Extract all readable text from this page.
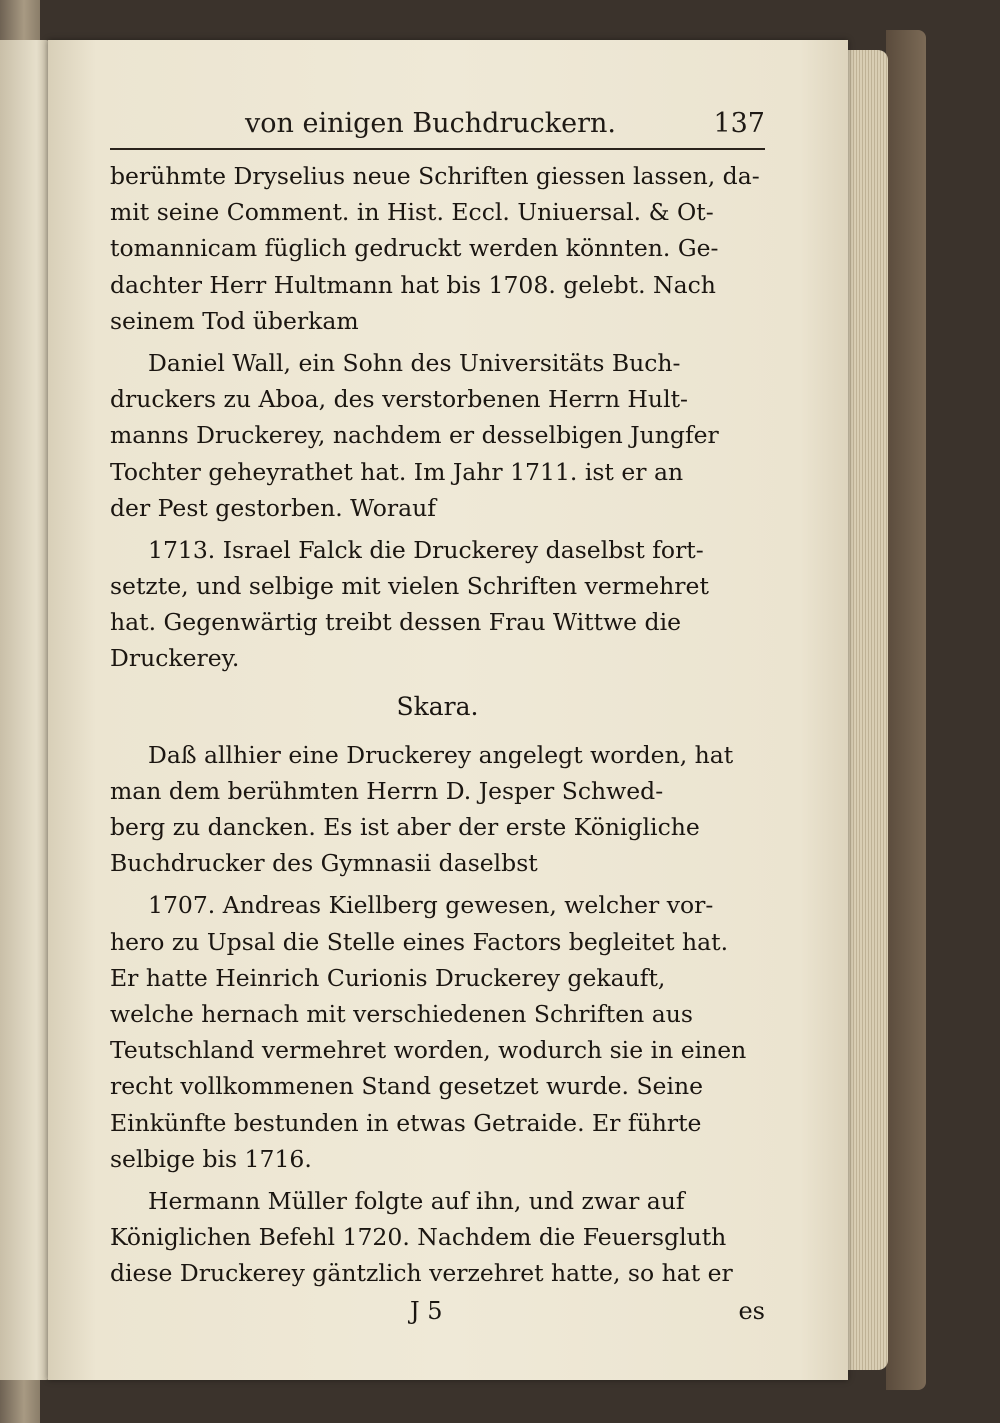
von einigen Buchdruckern.	137
berühmte Dryselius neue Schriften giessen lassen, da-
mit seine Comment. in Hist. Eccl. Uniuersal. & Ot-
tomannicam füglich gedruckt werden könnten. Ge-
dachter Herr Hultmann hat bis 1708. gelebt. Nach
seinem Tod überkam
Daniel Wall, ein Sohn des Universitäts Buch-
druckers zu Aboa, des verstorbenen Herrn Hult-
manns Druckerey, nachdem er desselbigen Jungfer
Tochter geheyrathet hat. Im Jahr 1711. ist er an
der Pest gestorben. Worauf
1713. Israel Falck die Druckerey daselbst fort-
setzte, und selbige mit vielen Schriften vermehret
hat. Gegenwärtig treibt dessen Frau Wittwe die
Druckerey.
Skara.
Daß allhier eine Druckerey angelegt worden, hat
man dem berühmten Herrn D. Jesper Schwed-
berg zu dancken. Es ist aber der erste Königliche
Buchdrucker des Gymnasii daselbst
1707. Andreas Kiellberg gewesen, welcher vor-
hero zu Upsal die Stelle eines Factors begleitet hat.
Er hatte Heinrich Curionis Druckerey gekauft,
welche hernach mit verschiedenen Schriften aus
Teutschland vermehret worden, wodurch sie in einen
recht vollkommenen Stand gesetzet wurde. Seine
Einkünfte bestunden in etwas Getraide. Er führte
selbige bis 1716.
Hermann Müller folgte auf ihn, und zwar auf
Königlichen Befehl 1720. Nachdem die Feuersgluth
diese Druckerey gäntzlich verzehret hatte, so hat er
J 5	es
